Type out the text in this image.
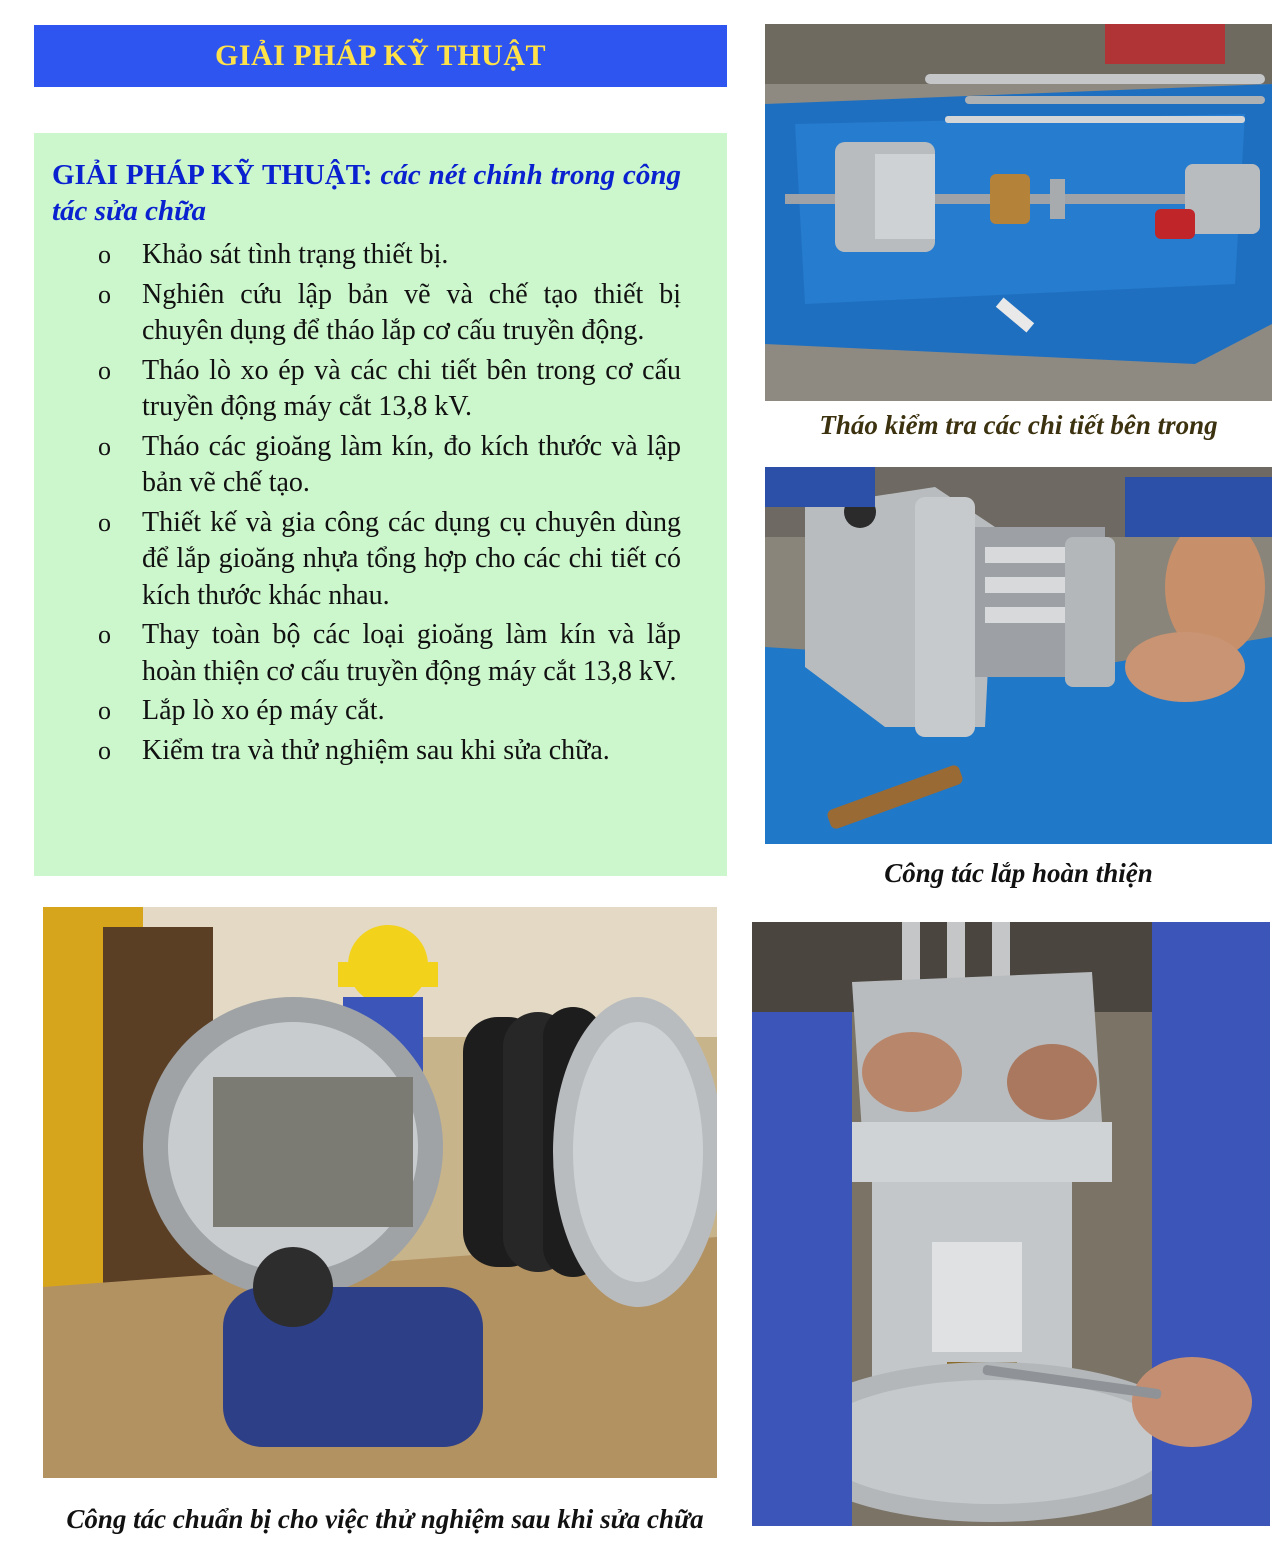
GIẢI PHÁP KỸ THUẬT

GIẢI PHÁP KỸ THUẬT: các nét chính trong công tác sửa chữa

o Khảo sát tình trạng thiết bị.
o Nghiên cứu lập bản vẽ và chế tạo thiết bị chuyên dụng để tháo lắp cơ cấu truyền động.
o Tháo lò xo ép và các chi tiết bên trong cơ cấu truyền động máy cắt 13,8 kV.
o Tháo các gioăng làm kín, đo kích thước và lập bản vẽ chế tạo.
o Thiết kế và gia công các dụng cụ chuyên dùng để lắp gioăng nhựa tổng hợp cho các chi tiết có kích thước khác nhau.
o Thay toàn bộ các loại gioăng làm kín và lắp hoàn thiện cơ cấu truyền động máy cắt 13,8 kV.
o Lắp lò xo ép máy cắt.
o Kiểm tra và thử nghiệm sau khi sửa chữa.
Tháo kiểm tra các chi tiết bên trong
Công tác lắp hoàn thiện
Công tác chuẩn bị cho việc thử nghiệm sau khi sửa chữa
